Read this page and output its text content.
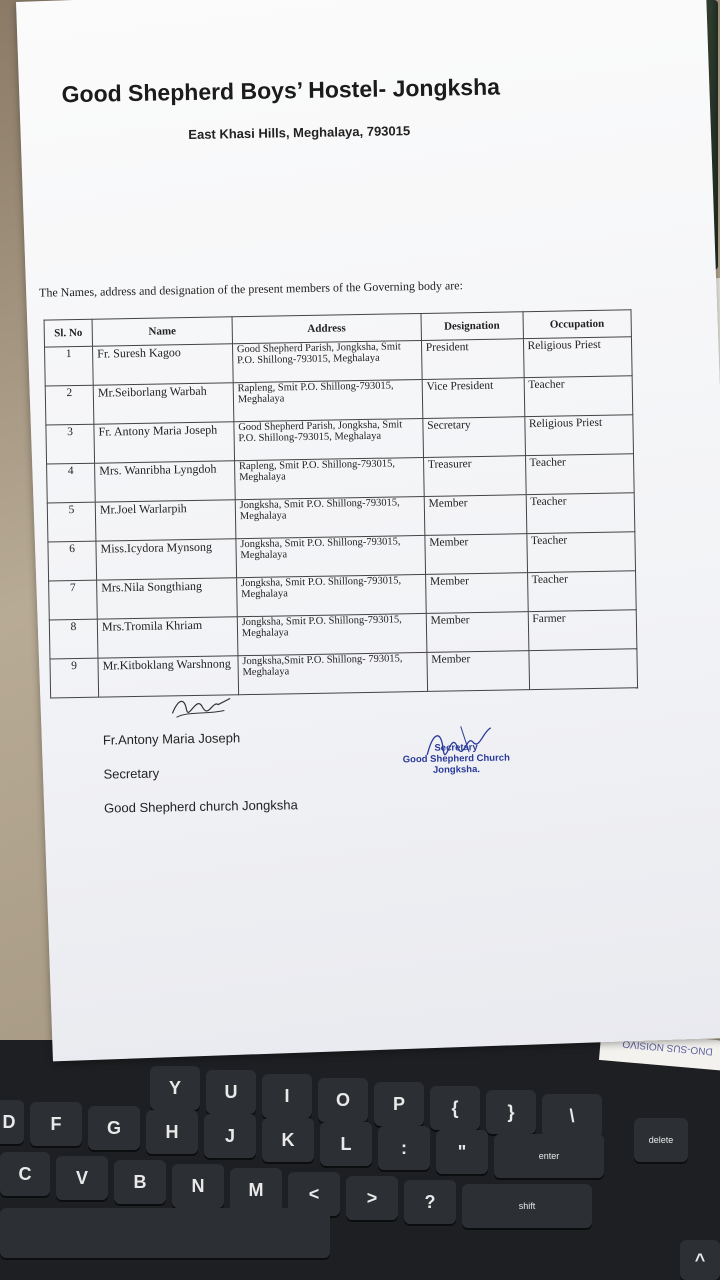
D
Y	U	I	O	P	{	}	\
F	G	H	J	K	L	:	"	enter
C	V	B	N	M	<	>	?	shift
delete
^
DNO-SUS NOISIVO
Good Shepherd Boys’ Hostel- Jongksha
East Khasi Hills, Meghalaya, 793015
The Names, address and designation of the present members of the Governing body are:
Sl. No	Name	Address	Designation	Occupation
1	Fr. Suresh Kagoo	Good Shepherd Parish, Jongksha, Smit P.O. Shillong-793015, Meghalaya	President	Religious Priest
2	Mr.Seiborlang Warbah	Rapleng, Smit P.O. Shillong-793015, Meghalaya	Vice President	Teacher
3	Fr. Antony Maria Joseph	Good Shepherd Parish, Jongksha, Smit P.O. Shillong-793015, Meghalaya	Secretary	Religious Priest
4	Mrs. Wanribha Lyngdoh	Rapleng, Smit P.O. Shillong-793015, Meghalaya	Treasurer	Teacher
5	Mr.Joel Warlarpih	Jongksha, Smit P.O. Shillong-793015, Meghalaya	Member	Teacher
6	Miss.Icydora Mynsong	Jongksha, Smit P.O. Shillong-793015, Meghalaya	Member	Teacher
7	Mrs.Nila Songthiang	Jongksha, Smit P.O. Shillong-793015, Meghalaya	Member	Teacher
8	Mrs.Tromila Khriam	Jongksha, Smit P.O. Shillong-793015, Meghalaya	Member	Farmer
9	Mr.Kitboklang Warshnong	Jongksha,Smit P.O. Shillong- 793015, Meghalaya	Member	
Fr.Antony Maria Joseph
Secretary
Good Shepherd church Jongksha
Secretary
Good Shepherd Church
Jongksha.
